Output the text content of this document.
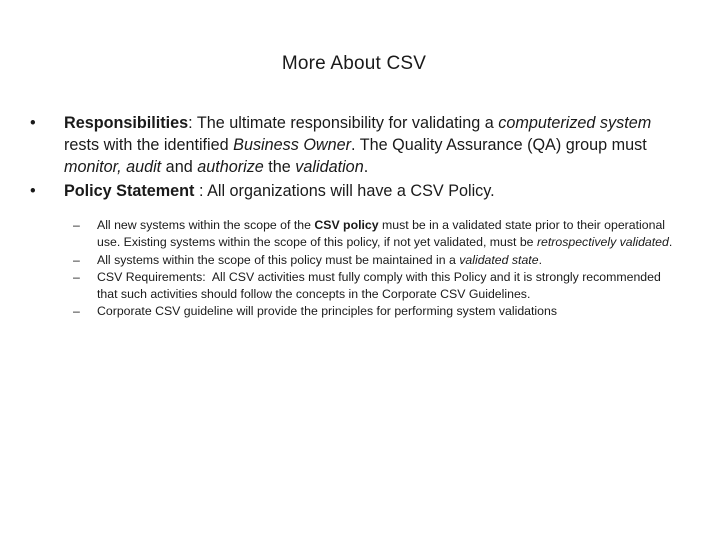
More About CSV
•	Responsibilities: The ultimate responsibility for validating a computerized system rests with the identified Business Owner. The Quality Assurance (QA) group must monitor, audit and authorize the validation.
•	Policy Statement : All organizations will have a CSV Policy.
–	All new systems within the scope of the CSV policy must be in a validated state prior to their operational use. Existing systems within the scope of this policy, if not yet validated, must be retrospectively validated.
–	All systems within the scope of this policy must be maintained in a validated state.
–	CSV Requirements:  All CSV activities must fully comply with this Policy and it is strongly recommended that such activities should follow the concepts in the Corporate CSV Guidelines.
–	Corporate CSV guideline will provide the principles for performing system validations
